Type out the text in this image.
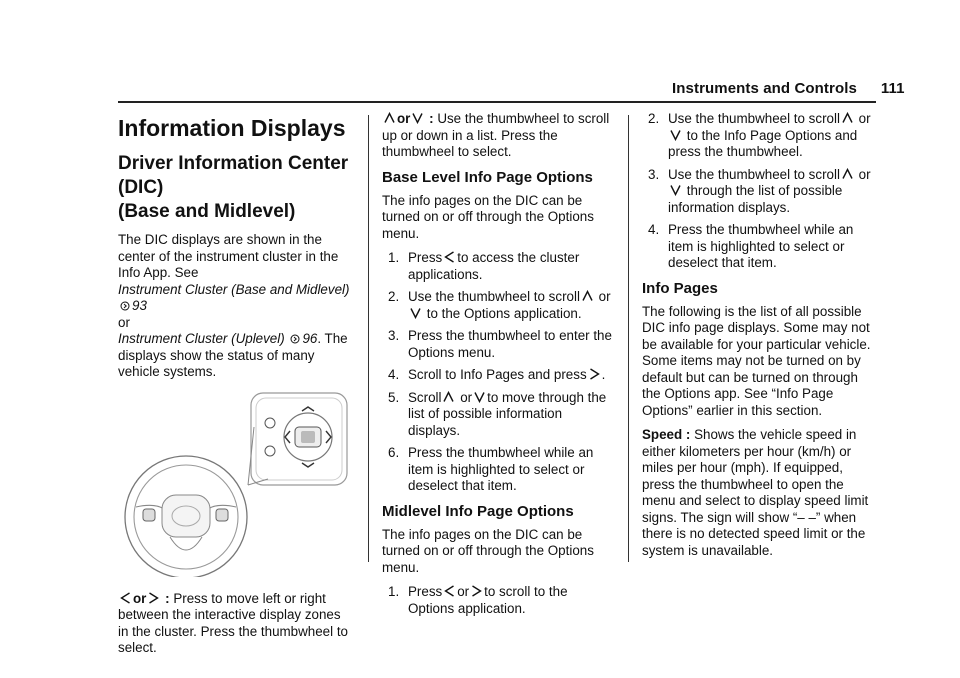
Instruments and Controls 111
Information Displays
Driver Information Center (DIC)
(Base and Midlevel)

The DIC displays are shown in the center of the instrument cluster in the Info App. See
Instrument Cluster (Base and Midlevel)
93
or
Instrument Cluster (Uplevel) 96. The displays show the status of many vehicle systems.

or
: Press to move left or right between the interactive display zones in the cluster. Press the thumbwheel to select.

or
: Use the thumbwheel to scroll up or down in a list. Press the thumbwheel to select.

Base Level Info Page Options

The info pages on the DIC can be turned on or off through the Options menu.

1. Press to access the cluster applications.
2. Use the thumbwheel to scroll or
to the Options application.
3. Press the thumbwheel to enter the Options menu.
4. Scroll to Info Pages and press .
5. Scroll or to move through the list of possible information displays.
6. Press the thumbwheel while an item is highlighted to select or deselect that item.
Midlevel Info Page Options

The info pages on the DIC can be turned on or off through the Options menu.

1. Press or to scroll to the Options application.
2. Use the thumbwheel to scroll or
to the Info Page Options and press the thumbwheel.
3. Use the thumbwheel to scroll or
through the list of possible information displays.
4. Press the thumbwheel while an item is highlighted to select or deselect that item.
Info Pages

The following is the list of all possible DIC info page displays. Some may not be available for your particular vehicle. Some items may not be turned on by default but can be turned on through the Options app. See “Info Page Options” earlier in this section.

Speed : Shows the vehicle speed in either kilometers per hour (km/h) or miles per hour (mph). If equipped, press the thumbwheel to open the menu and select to display speed limit signs. The sign will show “– –” when there is no detected speed limit or the system is unavailable.
